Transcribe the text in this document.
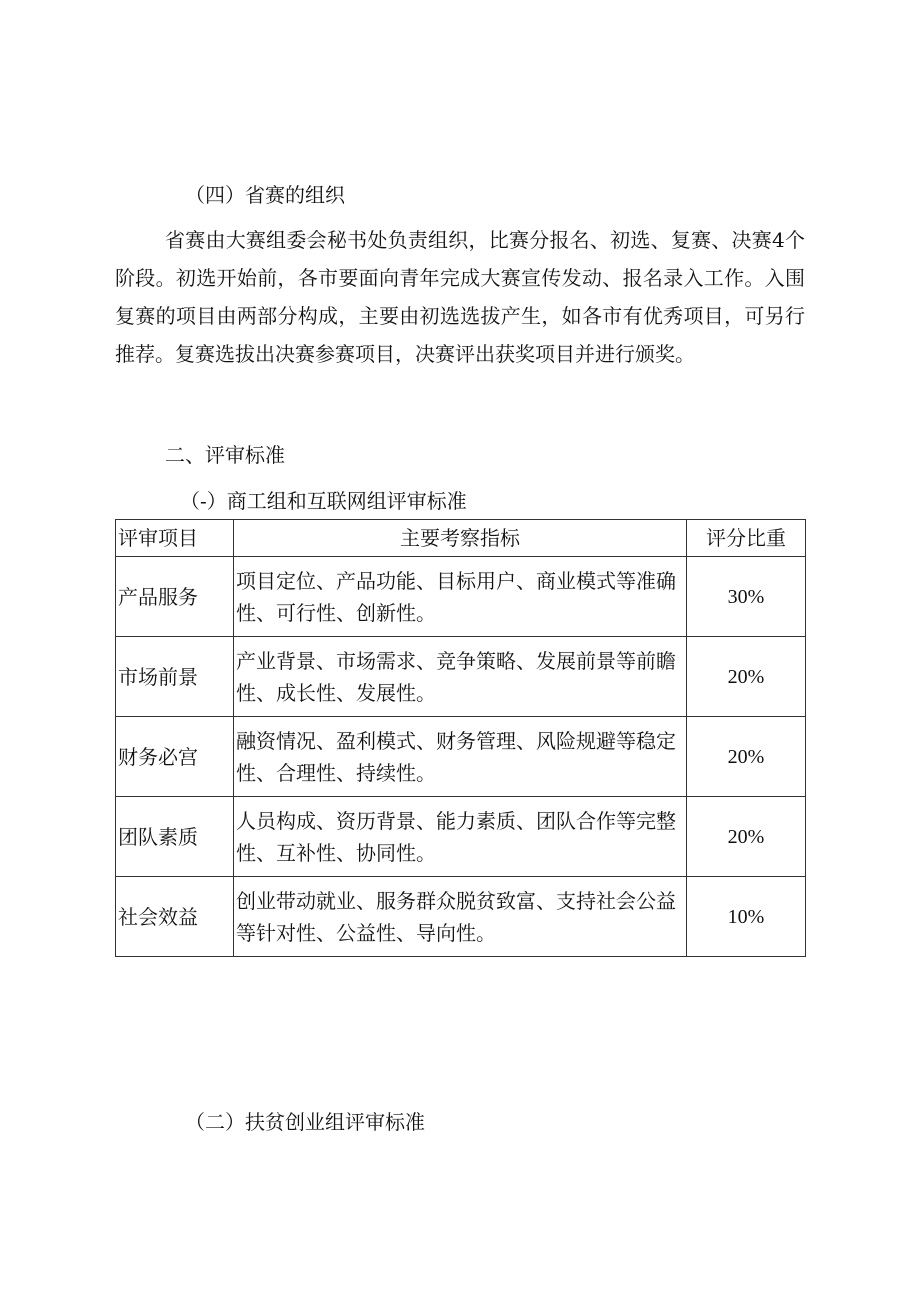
（四）省赛的组织
省赛由大赛组委会秘书处负责组织，比赛分报名、初选、复赛、决赛4个阶段。初选开始前，各市要面向青年完成大赛宣传发动、报名录入工作。入围复赛的项目由两部分构成，主要由初选选拔产生，如各市有优秀项目，可另行推荐。复赛选拔出决赛参赛项目，决赛评出获奖项目并进行颁奖。
二、评审标准
（-）商工组和互联网组评审标准
评审项目	主要考察指标	评分比重
产品服务	项目定位、产品功能、目标用户、商业模式等准确性、可行性、创新性。	30%
市场前景	产业背景、市场需求、竞争策略、发展前景等前瞻性、成长性、发展性。	20%
财务必宫	融资情况、盈利模式、财务管理、风险规避等稳定性、合理性、持续性。	20%
团队素质	人员构成、资历背景、能力素质、团队合作等完整性、互补性、协同性。	20%
社会效益	创业带动就业、服务群众脱贫致富、支持社会公益等针对性、公益性、导向性。	10%
（二）扶贫创业组评审标准
